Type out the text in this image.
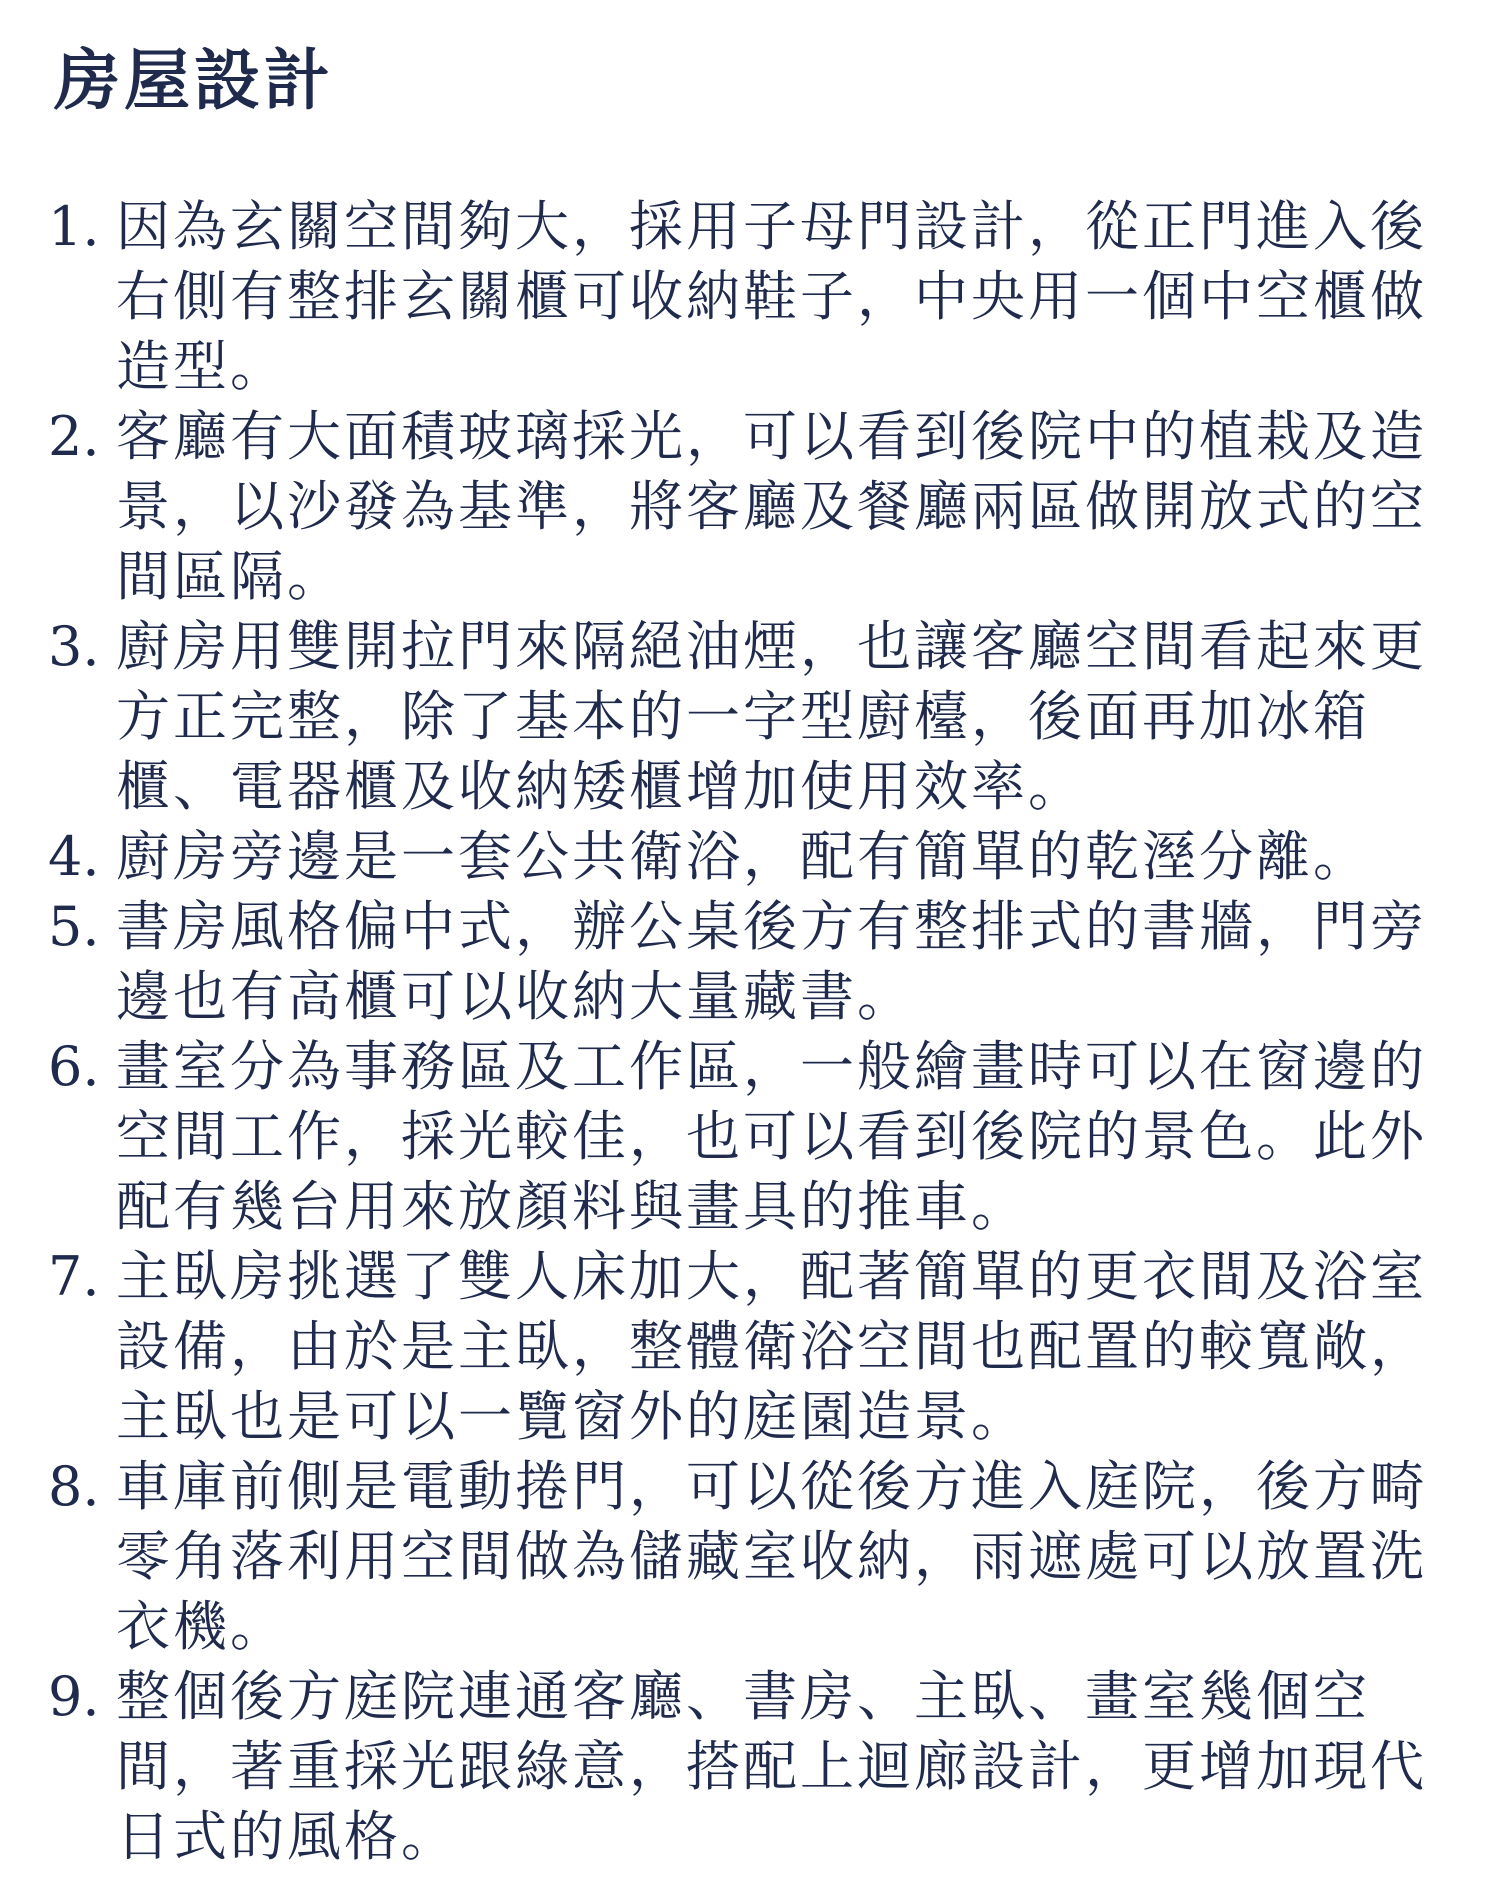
房屋設計
1. 因為玄關空間夠大，採用子母門設計，從正門進入後右側有整排玄關櫃可收納鞋子，中央用一個中空櫃做造型。
2. 客廳有大面積玻璃採光，可以看到後院中的植栽及造景，以沙發為基準，將客廳及餐廳兩區做開放式的空間區隔。
3. 廚房用雙開拉門來隔絕油煙，也讓客廳空間看起來更方正完整，除了基本的一字型廚檯，後面再加冰箱櫃、電器櫃及收納矮櫃增加使用效率。
4. 廚房旁邊是一套公共衛浴，配有簡單的乾溼分離。
5. 書房風格偏中式，辦公桌後方有整排式的書牆，門旁邊也有高櫃可以收納大量藏書。
6. 畫室分為事務區及工作區，一般繪畫時可以在窗邊的空間工作，採光較佳，也可以看到後院的景色。此外配有幾台用來放顏料與畫具的推車。
7. 主臥房挑選了雙人床加大，配著簡單的更衣間及浴室設備，由於是主臥，整體衛浴空間也配置的較寬敞，主臥也是可以一覽窗外的庭園造景。
8. 車庫前側是電動捲門，可以從後方進入庭院，後方畸零角落利用空間做為儲藏室收納，雨遮處可以放置洗衣機。
9. 整個後方庭院連通客廳、書房、主臥、畫室幾個空間，著重採光跟綠意，搭配上迴廊設計，更增加現代日式的風格。
